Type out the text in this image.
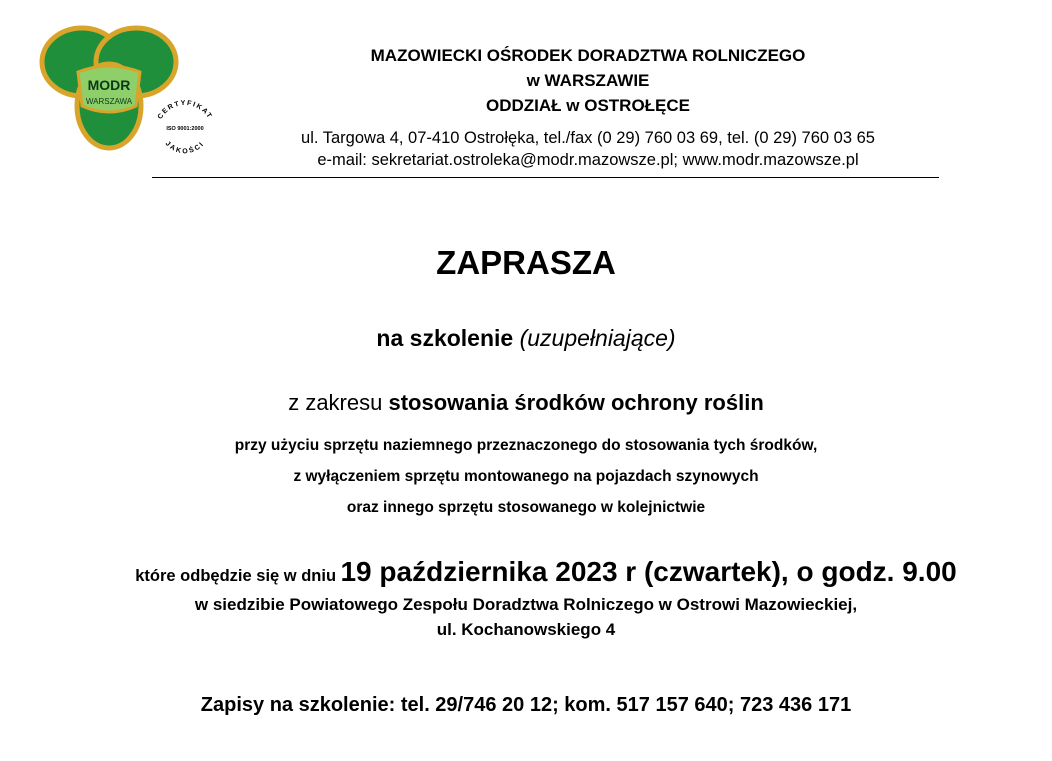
MODR
WARSZAWA
CERTYFIKAT
ISO 9001:2000
JAKOŚCI
MAZOWIECKI OŚRODEK DORADZTWA ROLNICZEGO
w WARSZAWIE
ODDZIAŁ w OSTROŁĘCE
ul. Targowa 4, 07-410 Ostrołęka, tel./fax (0 29) 760 03 69, tel. (0 29) 760 03 65
e-mail: sekretariat.ostroleka@modr.mazowsze.pl; www.modr.mazowsze.pl
ZAPRASZA
na szkolenie (uzupełniające)
z zakresu stosowania środków ochrony roślin
przy użyciu sprzętu naziemnego przeznaczonego do stosowania tych środków,
z wyłączeniem sprzętu montowanego na pojazdach szynowych
oraz innego sprzętu stosowanego w kolejnictwie
które odbędzie się w dniu 19 października 2023 r (czwartek), o godz. 9.00
w siedzibie Powiatowego Zespołu Doradztwa Rolniczego w Ostrowi Mazowieckiej,
ul. Kochanowskiego 4
Zapisy na szkolenie: tel. 29/746 20 12; kom. 517 157 640; 723 436 171
